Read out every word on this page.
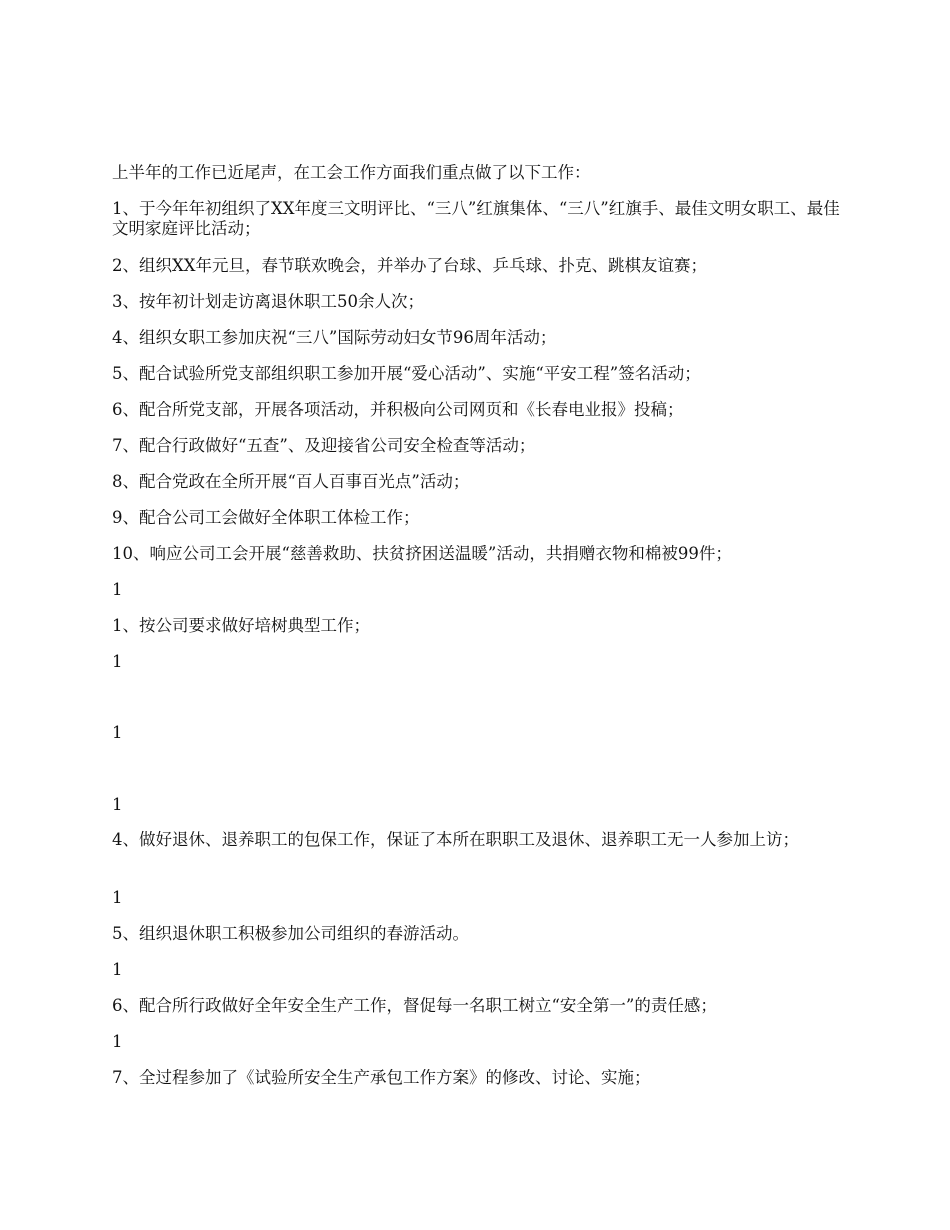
上半年的工作已近尾声，在工会工作方面我们重点做了以下工作：
1、于今年年初组织了XX年度三文明评比、“三八”红旗集体、“三八”红旗手、最佳文明女职工、最佳文明家庭评比活动；
2、组织XX年元旦，春节联欢晚会，并举办了台球、乒乓球、扑克、跳棋友谊赛；
3、按年初计划走访离退休职工50余人次；
4、组织女职工参加庆祝“三八”国际劳动妇女节96周年活动；
5、配合试验所党支部组织职工参加开展“爱心活动”、实施“平安工程”签名活动；
6、配合所党支部，开展各项活动，并积极向公司网页和《长春电业报》投稿；
7、配合行政做好“五查”、及迎接省公司安全检查等活动；
8、配合党政在全所开展“百人百事百光点”活动；
9、配合公司工会做好全体职工体检工作；
10、响应公司工会开展“慈善救助、扶贫挤困送温暖”活动，共捐赠衣物和棉被99件；
1
1、按公司要求做好培树典型工作；
1
1
1
4、做好退休、退养职工的包保工作，保证了本所在职职工及退休、退养职工无一人参加上访；
1
5、组织退休职工积极参加公司组织的春游活动。
1
6、配合所行政做好全年安全生产工作，督促每一名职工树立“安全第一”的责任感；
1
7、全过程参加了《试验所安全生产承包工作方案》的修改、讨论、实施；
